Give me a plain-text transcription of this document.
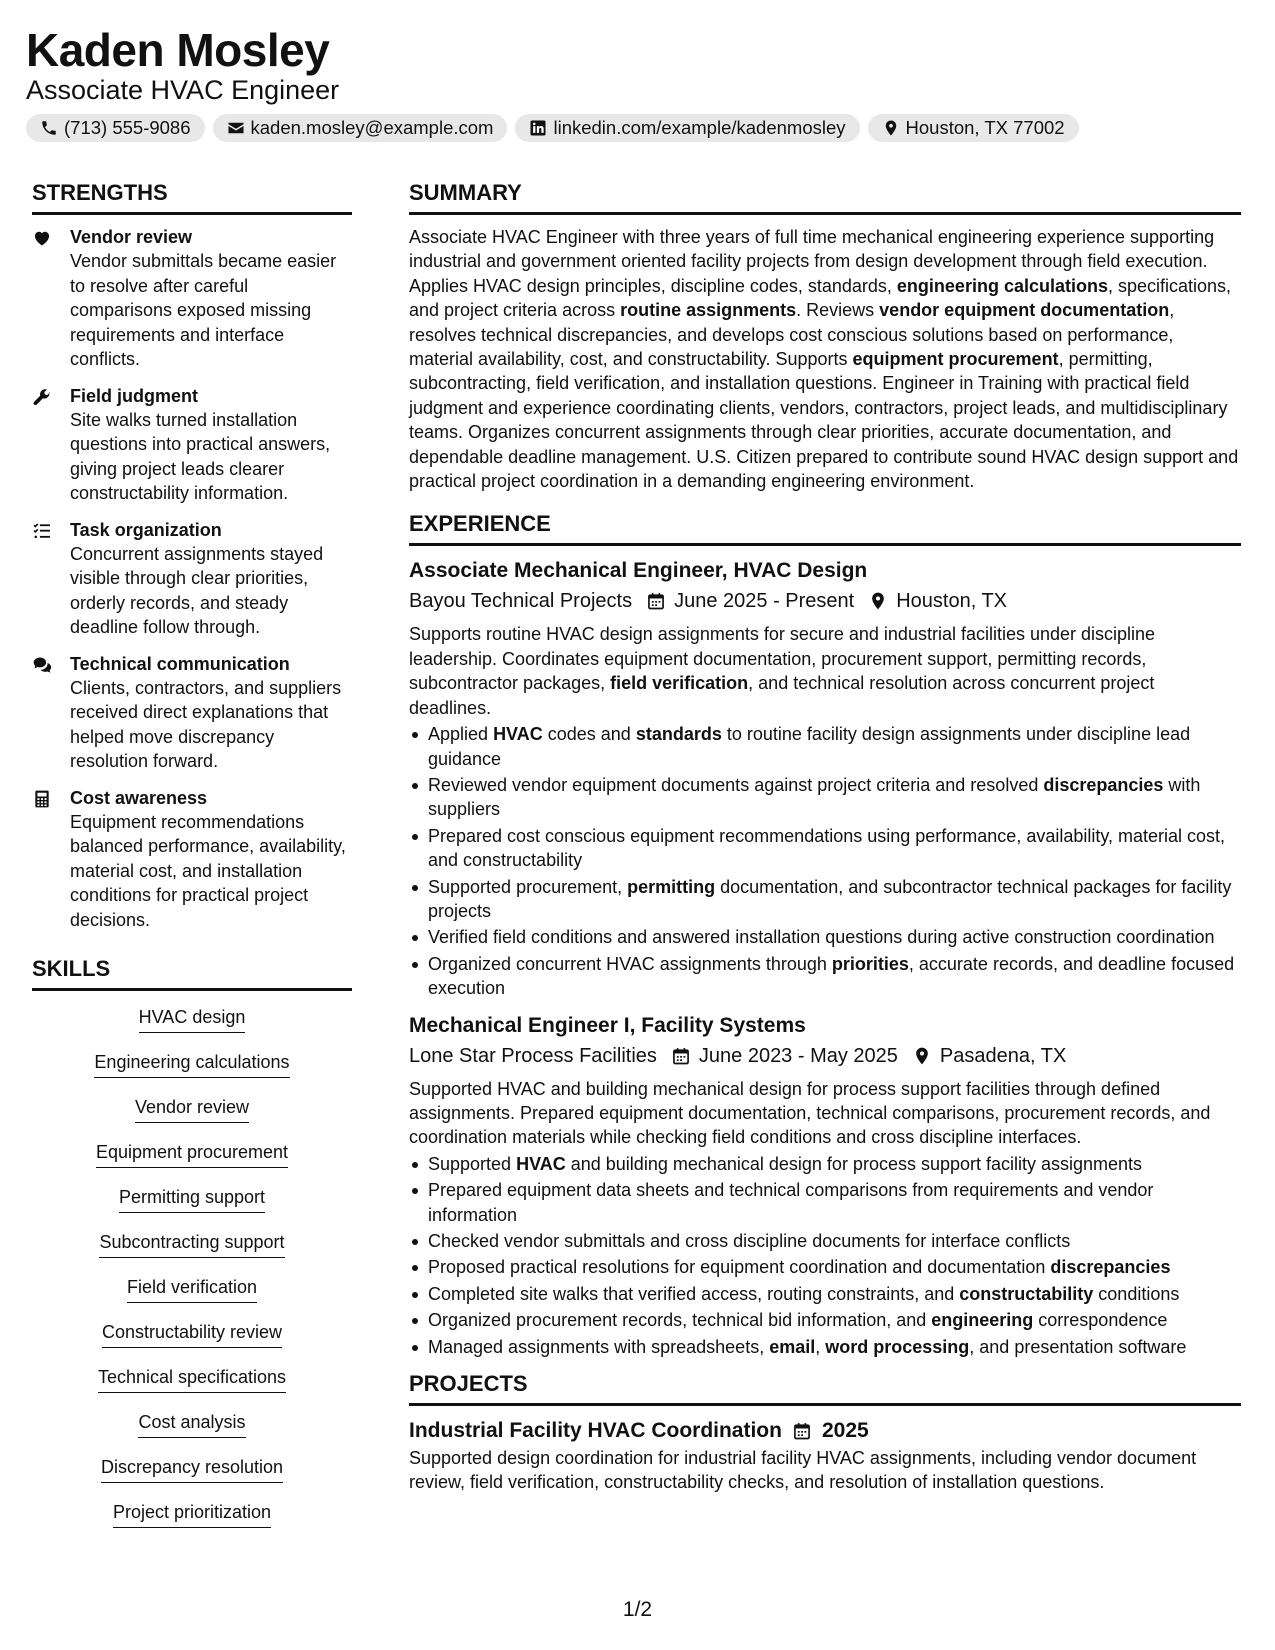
Kaden Mosley
Associate HVAC Engineer
(713) 555-9086	kaden.mosley@example.com	linkedin.com/example/kadenmosley	Houston, TX 77002
STRENGTHS
Vendor review
Vendor submittals became easier to resolve after careful comparisons exposed missing requirements and interface conflicts.
Field judgment
Site walks turned installation questions into practical answers, giving project leads clearer constructability information.
Task organization
Concurrent assignments stayed visible through clear priorities, orderly records, and steady deadline follow through.
Technical communication
Clients, contractors, and suppliers received direct explanations that helped move discrepancy resolution forward.
Cost awareness
Equipment recommendations balanced performance, availability, material cost, and installation conditions for practical project decisions.
SKILLS
HVAC design
Engineering calculations
Vendor review
Equipment procurement
Permitting support
Subcontracting support
Field verification
Constructability review
Technical specifications
Cost analysis
Discrepancy resolution
Project prioritization
SUMMARY
Associate HVAC Engineer with three years of full time mechanical engineering experience supporting industrial and government oriented facility projects from design development through field execution. Applies HVAC design principles, discipline codes, standards, engineering calculations, specifications, and project criteria across routine assignments. Reviews vendor equipment documentation, resolves technical discrepancies, and develops cost conscious solutions based on performance, material availability, cost, and constructability. Supports equipment procurement, permitting, subcontracting, field verification, and installation questions. Engineer in Training with practical field judgment and experience coordinating clients, vendors, contractors, project leads, and multidisciplinary teams. Organizes concurrent assignments through clear priorities, accurate documentation, and dependable deadline management. U.S. Citizen prepared to contribute sound HVAC design support and practical project coordination in a demanding engineering environment.
EXPERIENCE
Associate Mechanical Engineer, HVAC Design
Bayou Technical Projects June 2025 - Present Houston, TX
Supports routine HVAC design assignments for secure and industrial facilities under discipline leadership. Coordinates equipment documentation, procurement support, permitting records, subcontractor packages, field verification, and technical resolution across concurrent project deadlines.
Applied HVAC codes and standards to routine facility design assignments under discipline lead guidance
Reviewed vendor equipment documents against project criteria and resolved discrepancies with suppliers
Prepared cost conscious equipment recommendations using performance, availability, material cost, and constructability
Supported procurement, permitting documentation, and subcontractor technical packages for facility projects
Verified field conditions and answered installation questions during active construction coordination
Organized concurrent HVAC assignments through priorities, accurate records, and deadline focused execution
Mechanical Engineer I, Facility Systems
Lone Star Process Facilities June 2023 - May 2025 Pasadena, TX
Supported HVAC and building mechanical design for process support facilities through defined assignments. Prepared equipment documentation, technical comparisons, procurement records, and coordination materials while checking field conditions and cross discipline interfaces.
Supported HVAC and building mechanical design for process support facility assignments
Prepared equipment data sheets and technical comparisons from requirements and vendor information
Checked vendor submittals and cross discipline documents for interface conflicts
Proposed practical resolutions for equipment coordination and documentation discrepancies
Completed site walks that verified access, routing constraints, and constructability conditions
Organized procurement records, technical bid information, and engineering correspondence
Managed assignments with spreadsheets, email, word processing, and presentation software
PROJECTS
Industrial Facility HVAC Coordination 2025
Supported design coordination for industrial facility HVAC assignments, including vendor document review, field verification, constructability checks, and resolution of installation questions.
1/2
